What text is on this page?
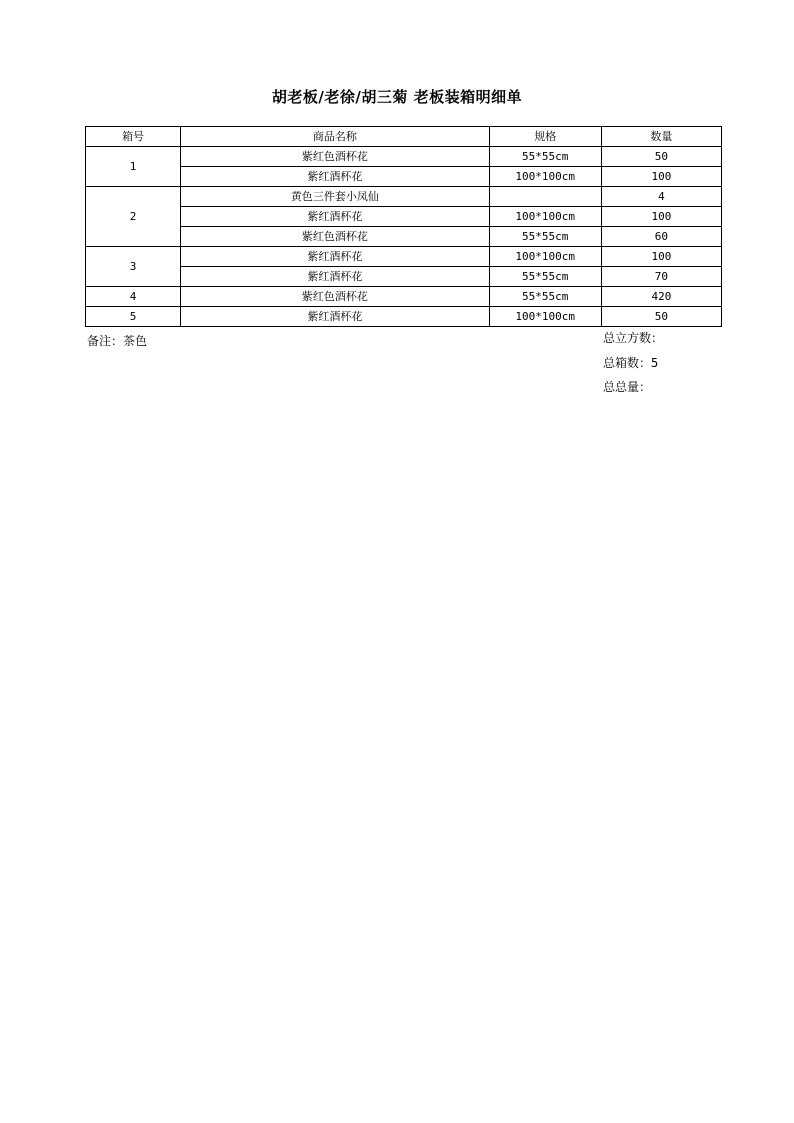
胡老板/老徐/胡三菊 老板装箱明细单
箱号	商品名称	规格	数量
1	紫红色酒杯花	55*55cm	50
	紫红酒杯花	100*100cm	100
2	黄色三件套小凤仙		4
	紫红酒杯花	100*100cm	100
	紫红色酒杯花	55*55cm	60
3	紫红酒杯花	100*100cm	100
	紫红酒杯花	55*55cm	70
4	紫红色酒杯花	55*55cm	420
5	紫红酒杯花	100*100cm	50
备注：茶色	总立方数：
总箱数：5
总总量：
